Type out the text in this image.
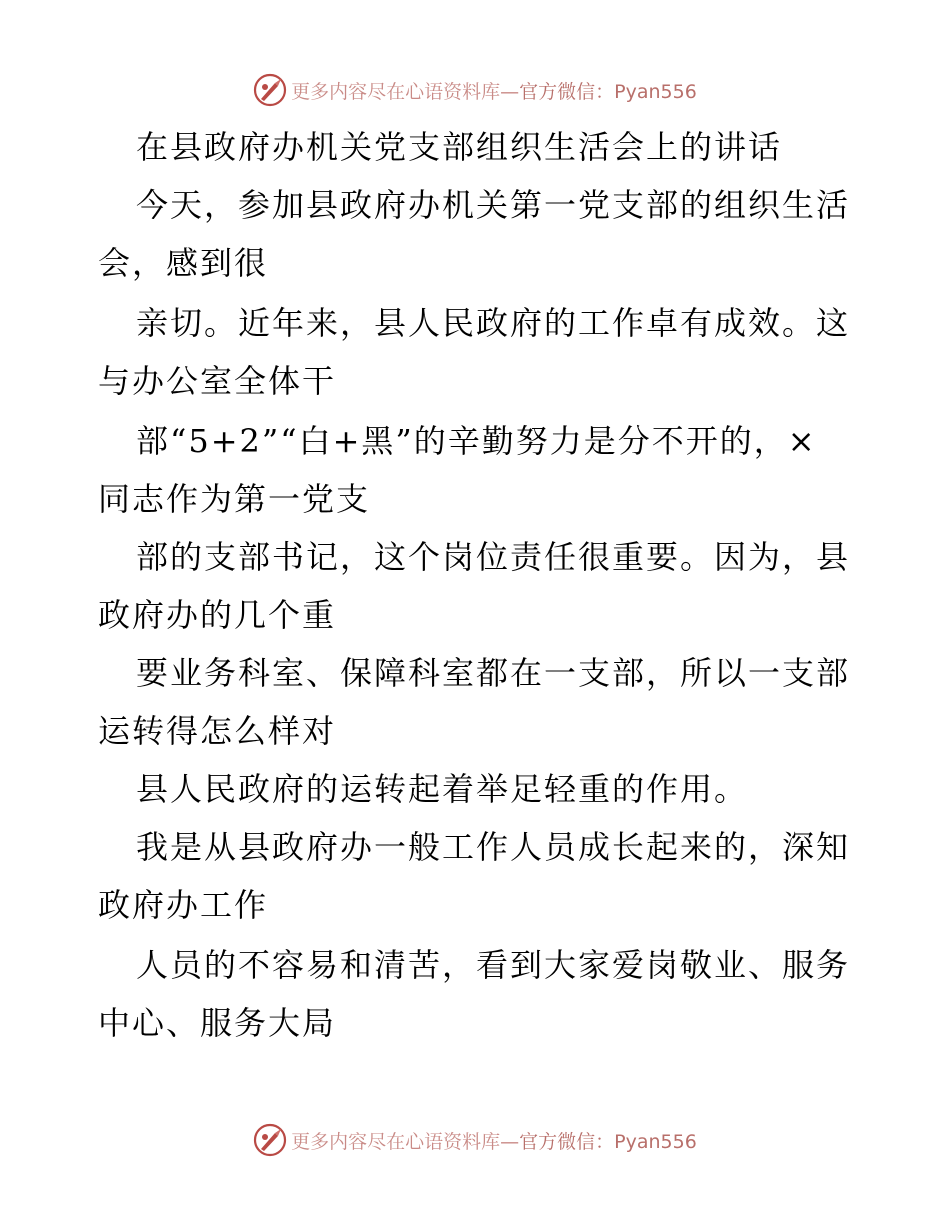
更多内容尽在心语资料库—官方微信：Pyan556
在县政府办机关党支部组织生活会上的讲话
今天，参加县政府办机关第一党支部的组织生活
会，感到很
亲切。近年来，县人民政府的工作卓有成效。这
与办公室全体干
部“5+2”“白+黑”的辛勤努力是分不开的，×
同志作为第一党支
部的支部书记，这个岗位责任很重要。因为，县
政府办的几个重
要业务科室、保障科室都在一支部，所以一支部
运转得怎么样对
县人民政府的运转起着举足轻重的作用。
我是从县政府办一般工作人员成长起来的，深知
政府办工作
人员的不容易和清苦，看到大家爱岗敬业、服务
中心、服务大局
更多内容尽在心语资料库—官方微信：Pyan556
